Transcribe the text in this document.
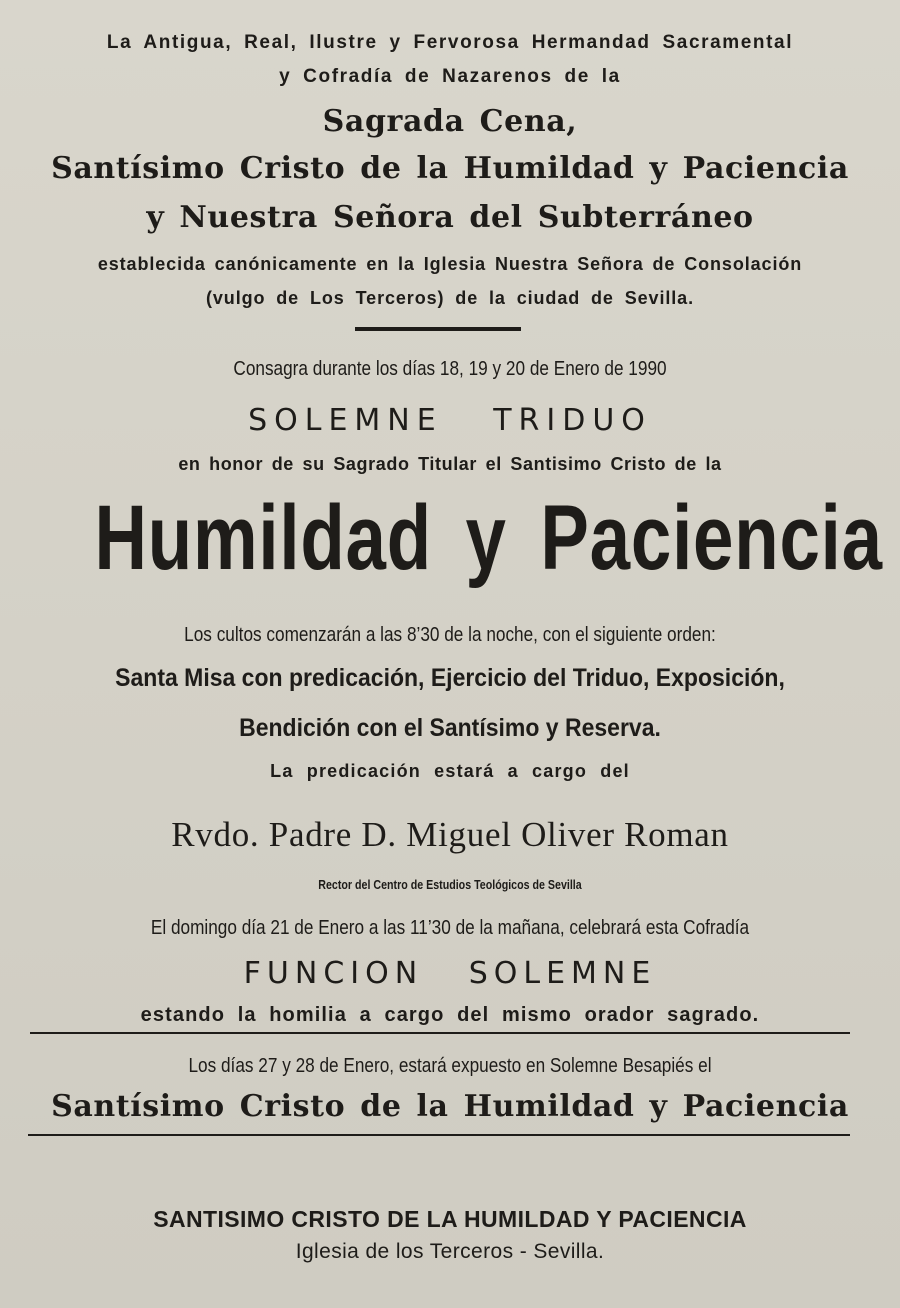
La Antigua, Real, Ilustre y Fervorosa Hermandad Sacramental
y Cofradía de Nazarenos de la
Sagrada Cena,
Santísimo Cristo de la Humildad y Paciencia
y Nuestra Señora del Subterráneo
establecida canónicamente en la Iglesia Nuestra Señora de Consolación
(vulgo de Los Terceros) de la ciudad de Sevilla.
Consagra durante los días 18, 19 y 20 de Enero de 1990
SOLEMNE TRIDUO
en honor de su Sagrado Titular el Santisimo Cristo de la
Humildad y Paciencia
Los cultos comenzarán a las 8’30 de la noche, con el siguiente orden:
Santa Misa con predicación, Ejercicio del Triduo, Exposición,
Bendición con el Santísimo y Reserva.
La predicación estará a cargo del
Rvdo. Padre D. Miguel Oliver Roman
Rector del Centro de Estudios Teológicos de Sevilla
El domingo día 21 de Enero a las 11’30 de la mañana, celebrará esta Cofradía
FUNCION SOLEMNE
estando la homilia a cargo del mismo orador sagrado.
Los días 27 y 28 de Enero, estará expuesto en Solemne Besapiés el
Santísimo Cristo de la Humildad y Paciencia
SANTISIMO CRISTO DE LA HUMILDAD Y PACIENCIA
Iglesia de los Terceros - Sevilla.
